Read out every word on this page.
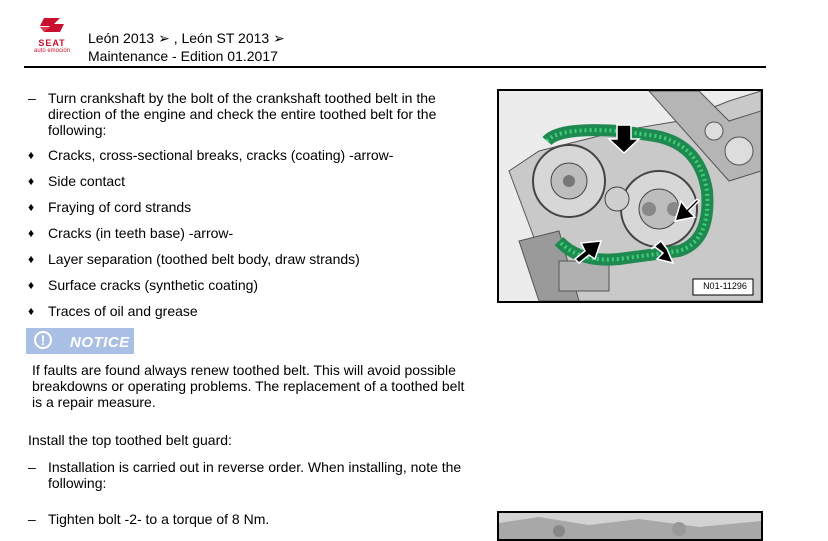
SEAT
auto emoción
León 2013 ➢ , León ST 2013 ➢
Maintenance - Edition 01.2017
– Turn crankshaft by the bolt of the crankshaft toothed belt in the direction of the engine and check the entire toothed belt for the following:
♦ Cracks, cross-sectional breaks, cracks (coating) -arrow-
♦ Side contact
♦ Fraying of cord strands
♦ Cracks (in teeth base) -arrow-
♦ Layer separation (toothed belt body, draw strands)
♦ Surface cracks (synthetic coating)
♦ Traces of oil and grease
!	NOTICE
If faults are found always renew toothed belt. This will avoid possible breakdowns or operating problems. The replacement of a toothed belt is a repair measure.
Install the top toothed belt guard:
– Installation is carried out in reverse order. When installing, note the following:
– Tighten bolt -2- to a torque of 8 Nm.
N01-11296
